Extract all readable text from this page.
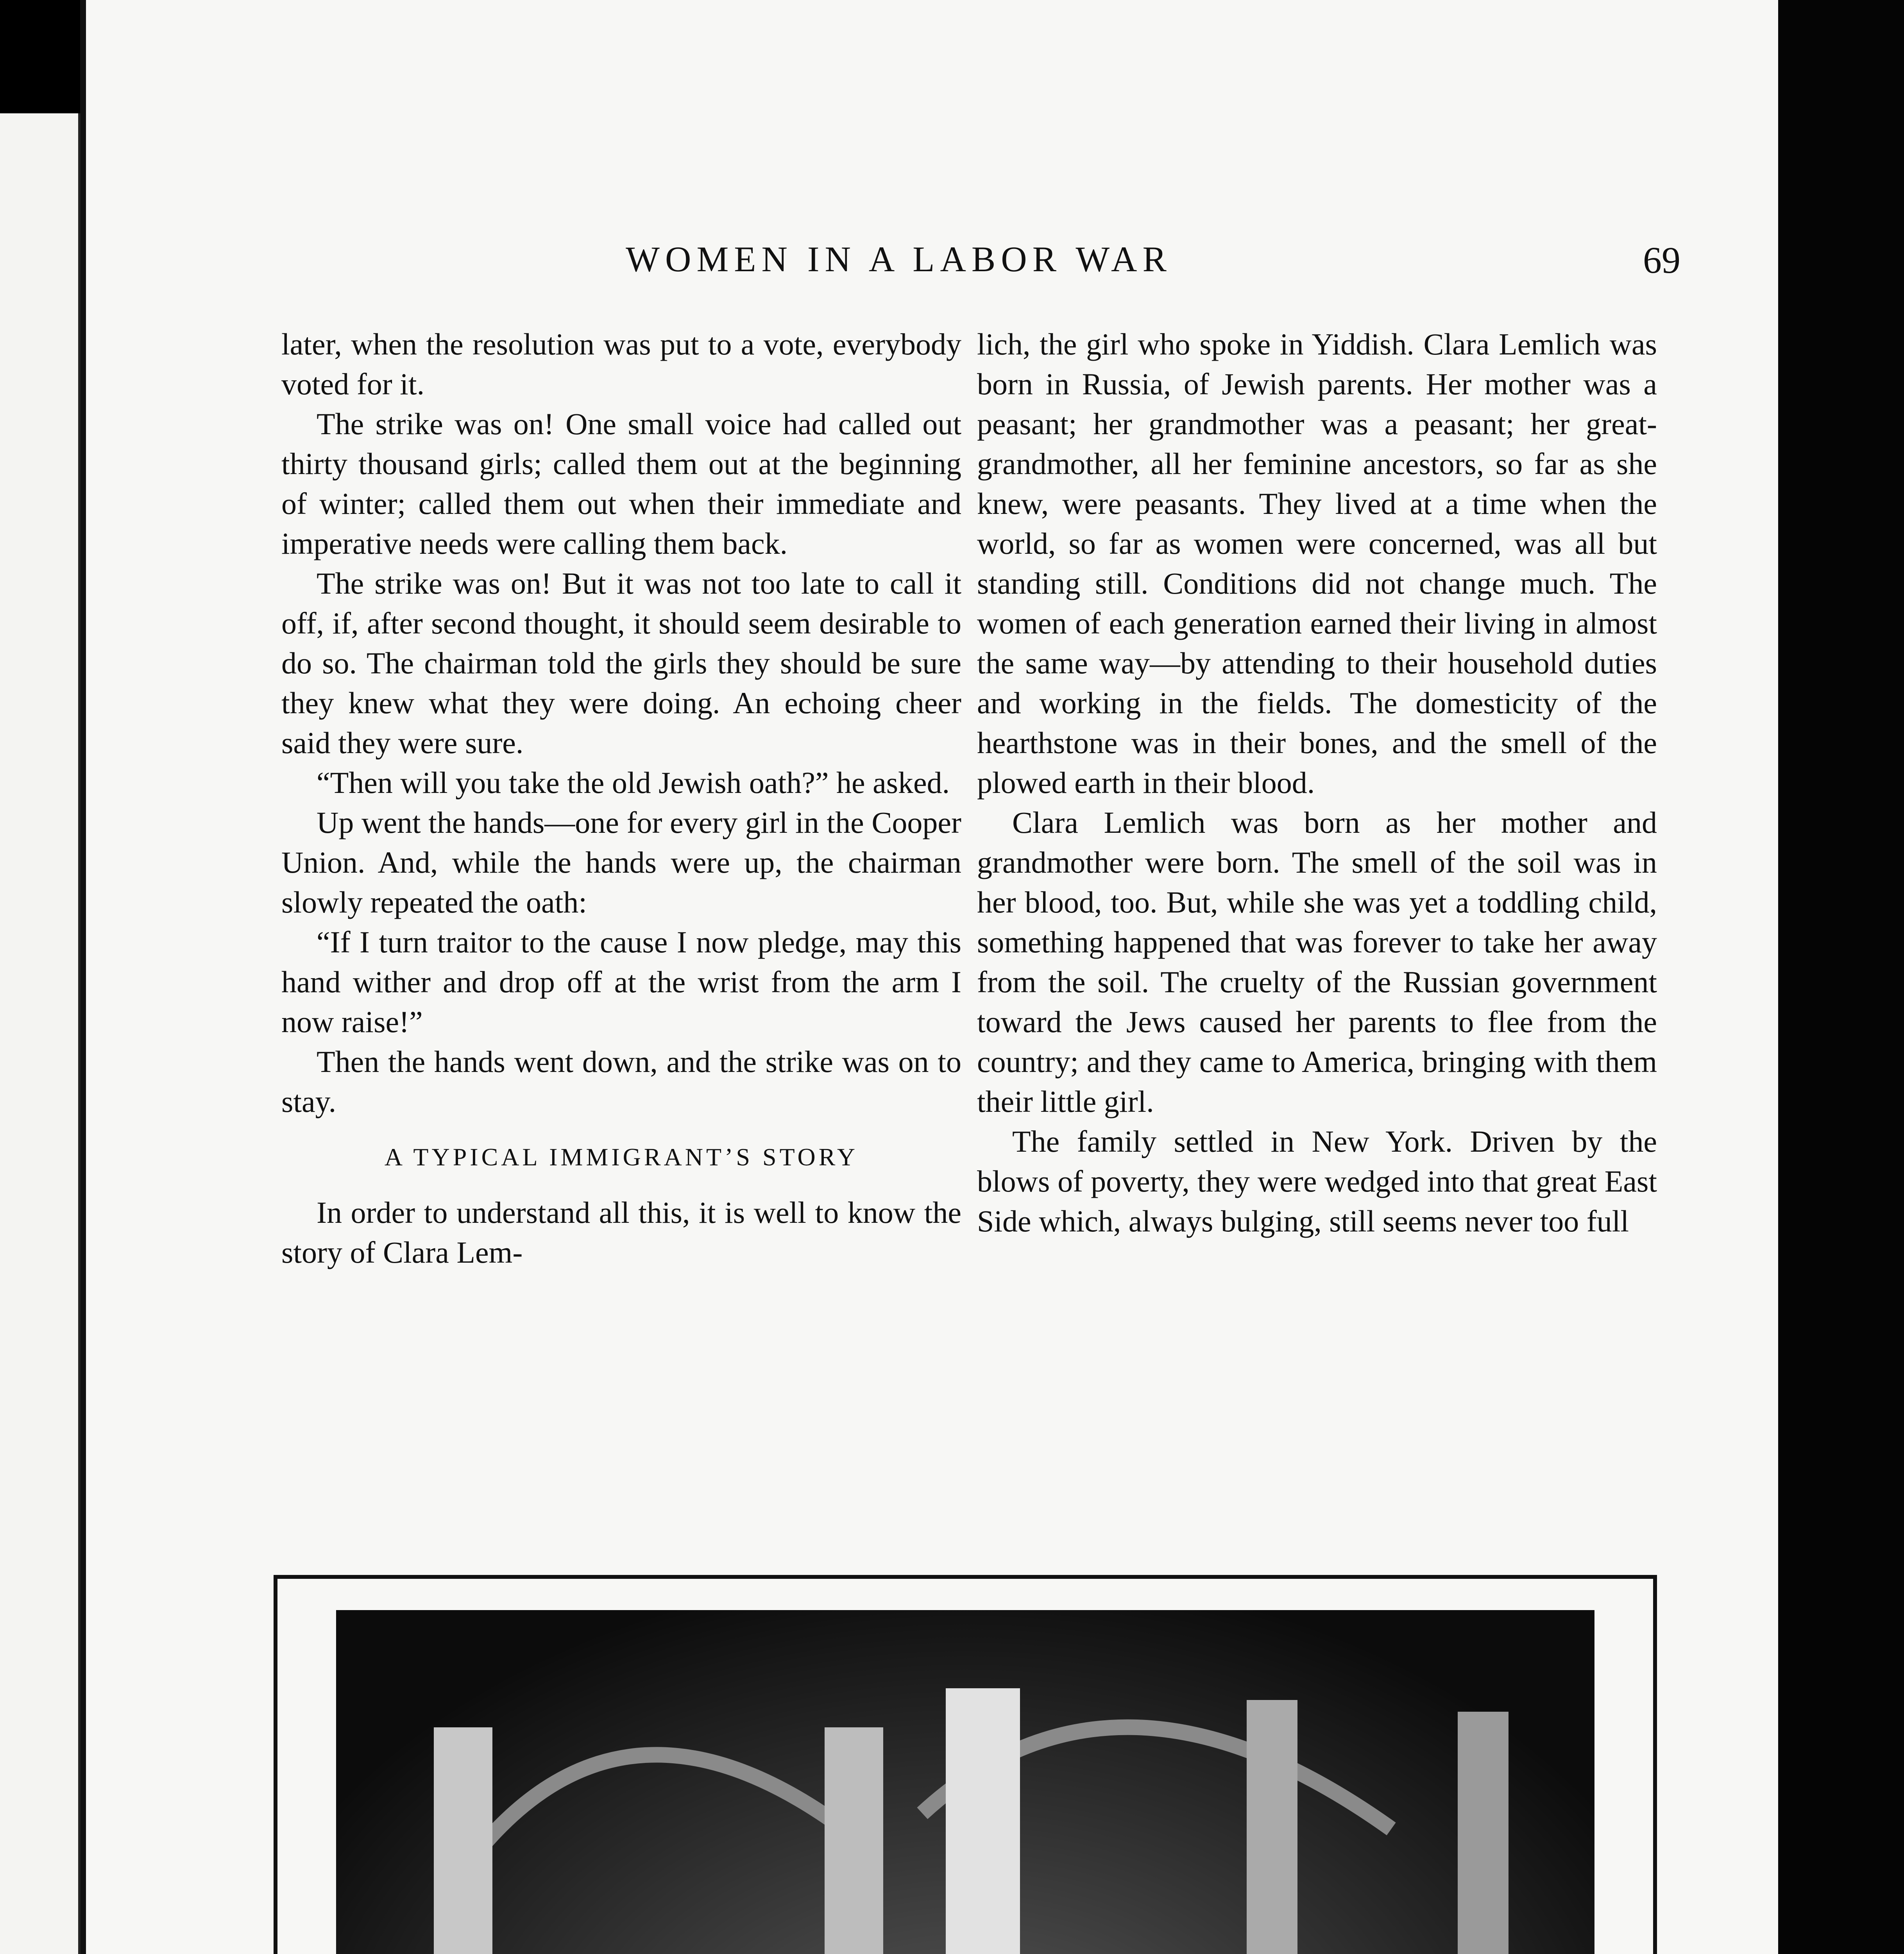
WOMEN IN A LABOR WAR	69

later, when the resolution was put to a vote, everybody voted for it.

The strike was on! One small voice had called out thirty thousand girls; called them out at the beginning of winter; called them out when their immediate and imperative needs were calling them back.

The strike was on! But it was not too late to call it off, if, after second thought, it should seem desirable to do so. The chairman told the girls they should be sure they knew what they were doing. An echoing cheer said they were sure.

“Then will you take the old Jewish oath?” he asked.

Up went the hands—one for every girl in the Cooper Union. And, while the hands were up, the chairman slowly repeated the oath:

“If I turn traitor to the cause I now pledge, may this hand wither and drop off at the wrist from the arm I now raise!”

Then the hands went down, and the strike was on to stay.

A TYPICAL IMMIGRANT’S STORY

In order to understand all this, it is well to know the story of Clara Lem-

lich, the girl who spoke in Yiddish. Clara Lemlich was born in Russia, of Jewish parents. Her mother was a peasant; her grandmother was a peasant; her great-grandmother, all her feminine ancestors, so far as she knew, were peasants. They lived at a time when the world, so far as women were concerned, was all but standing still. Conditions did not change much. The women of each generation earned their living in almost the same way—by attending to their household duties and working in the fields. The domesticity of the hearthstone was in their bones, and the smell of the plowed earth in their blood.

Clara Lemlich was born as her mother and grandmother were born. The smell of the soil was in her blood, too. But, while she was yet a toddling child, something happened that was forever to take her away from the soil. The cruelty of the Russian government toward the Jews caused her parents to flee from the country; and they came to America, bringing with them their little girl.

The family settled in New York. Driven by the blows of poverty, they were wedged into that great East Side which, always bulging, still seems never too full
